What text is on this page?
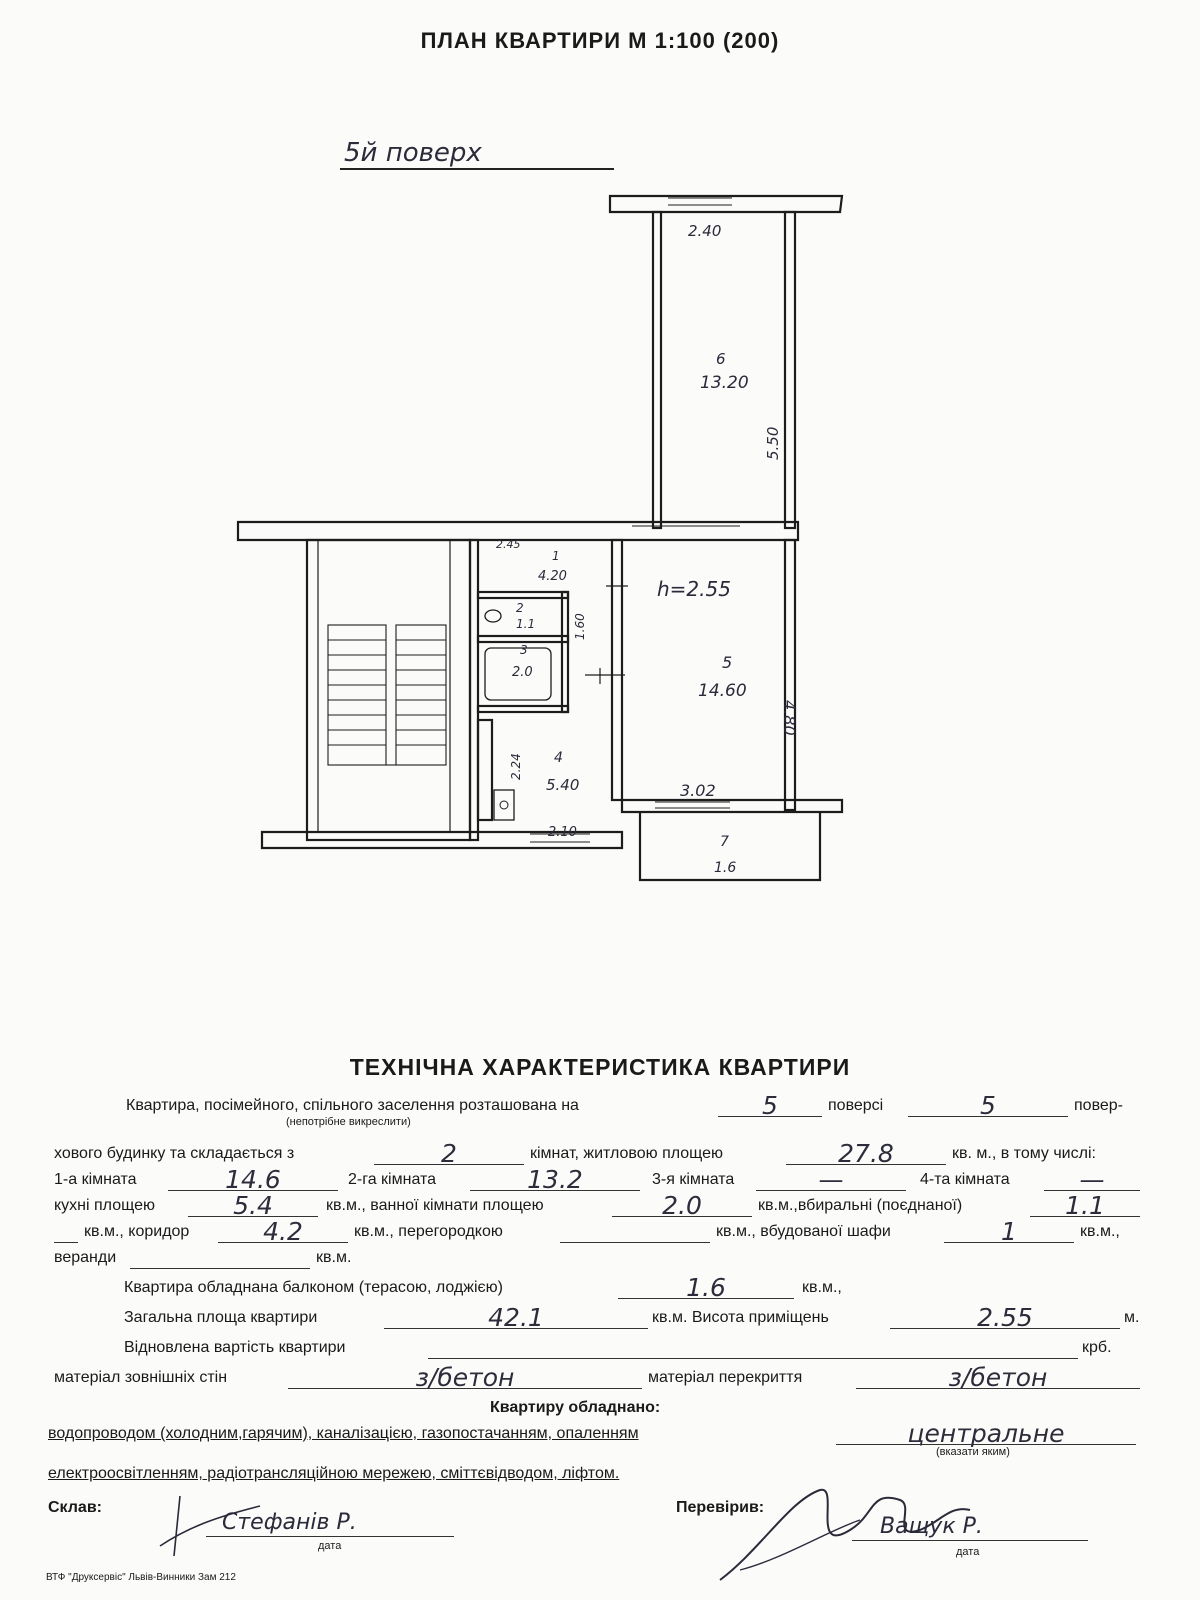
ПЛАН КВАРТИРИ М 1:100 (200)
5й поверх
6
13.20
2.40
5.50
2.45
1
4.20
2
1.1	1.60
3
2.0
h=2.55
5
14.60
4.80
3.02
4
5.40
2.24
2.10
7
1.6
ТЕХНІЧНА ХАРАКТЕРИСТИКА КВАРТИРИ
Квартира, посімейного, спільного заселення розташована на	5	поверсі	5	повер-
(непотрібне викреслити)
хового будинку та складається з	2	кімнат, житловою площею	27.8	кв. м., в тому числі:
1-а кімната	14.6	2-га кімната	13.2	3-я кімната	—	4-та кімната	—
кухні площею	5.4	кв.м., ванної кімнати площею	2.0	кв.м.,вбиральні (поєднаної)	1.1
кв.м., коридор	4.2	кв.м., перегородкою	кв.м., вбудованої шафи	1	кв.м.,
веранди	кв.м.
Квартира обладнана балконом (терасою, лоджією)	1.6	кв.м.,
Загальна площа квартири	42.1	кв.м. Висота приміщень	2.55	м.
Відновлена вартість квартири	крб.
матеріал зовнішніх стін	з/бетон	матеріал перекриття	з/бетон
Квартиру обладнано:
водопроводом (холодним,гарячим), каналізацією, газопостачанням, опаленням	центральне
(вказати яким)
електроосвітленням, радіотрансляційною мережею, сміттєвідводом, ліфтом.
Склав:
Стефанів Р.
дата
Перевірив:
Ващук Р.
дата
ВТФ "Друксервіс" Львів-Винники Зам 212
